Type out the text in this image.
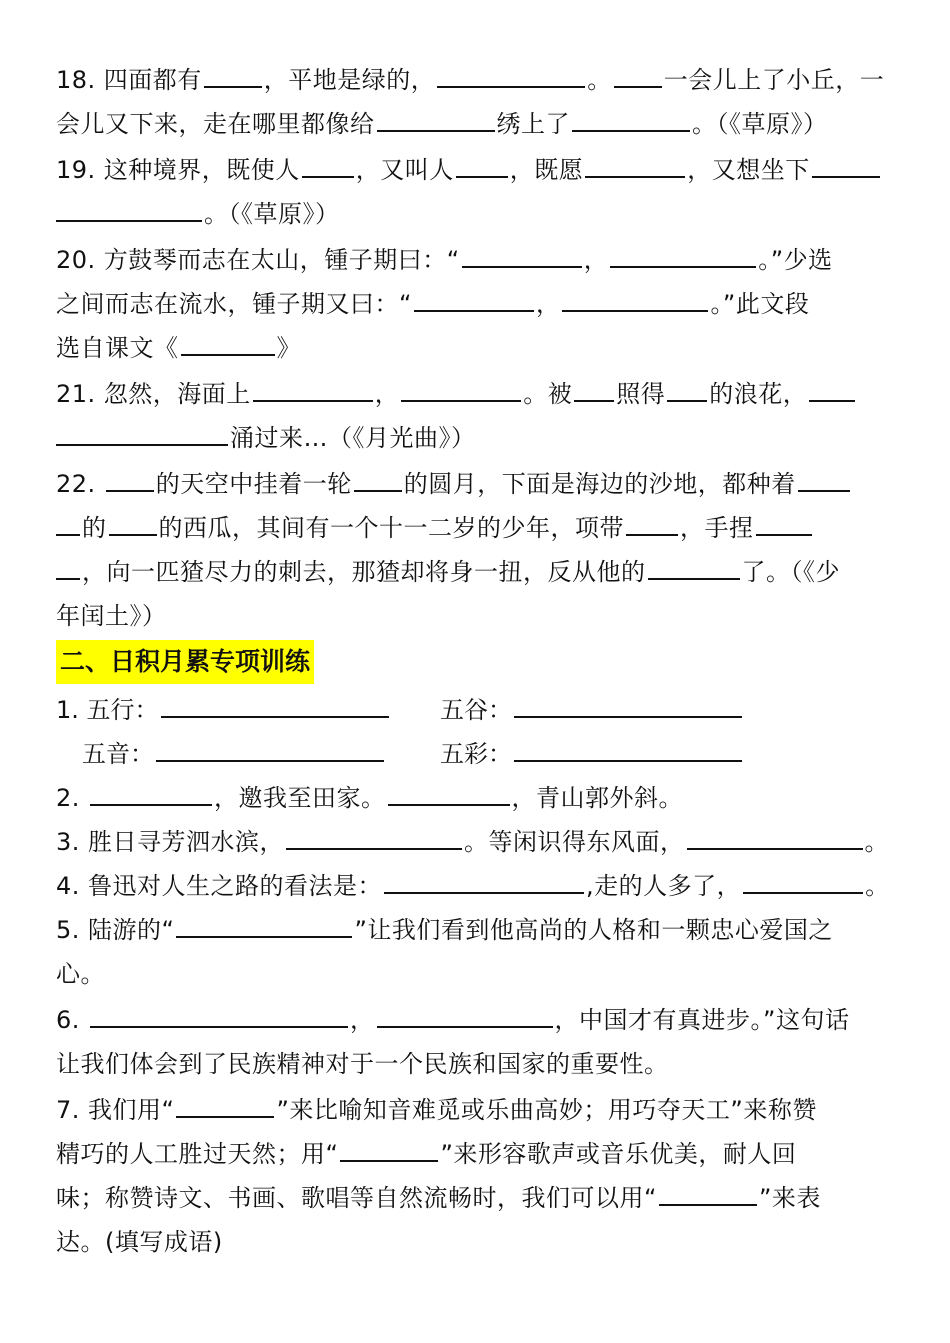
18. 四面都有	，平地是绿的，	。 一会儿上了小丘，一
会儿又下来，走在哪里都像给	绣上了	。（《草原》）
19. 这种境界，既使人 ，又叫人 ，既愿	，又想坐下
。（《草原》）
20. 方鼓琴而志在太山，锺子期曰：“	，	。”少选
之间而志在流水，锺子期又曰：“	，	。”此文段
选自课文《	》
21. 忽然，海面上	，	。被 照得 的浪花，
涌过来…（《月光曲》）
22. 的天空中挂着一轮 的圆月，下面是海边的沙地，都种着
的 的西瓜，其间有一个十一二岁的少年，项带 ，手捏
，向一匹猹尽力的刺去，那猹却将身一扭，反从他的	了。（《少
年闰土》）
二、日积月累专项训练
1. 五行：	五谷：
五音：	五彩：
2.	，邀我至田家。	，青山郭外斜。
3. 胜日寻芳泗水滨，	。等闲识得东风面，	。
4. 鲁迅对人生之路的看法是：	,走的人多了，	。
5. 陆游的“	”让我们看到他高尚的人格和一颗忠心爱国之
心。
6.	，	，中国才有真进步。”这句话
让我们体会到了民族精神对于一个民族和国家的重要性。
7. 我们用“	”来比喻知音难觅或乐曲高妙；用巧夺天工”来称赞
精巧的人工胜过天然；用“	”来形容歌声或音乐优美，耐人回
味；称赞诗文、书画、歌唱等自然流畅时，我们可以用“	”来表
达。(填写成语)
